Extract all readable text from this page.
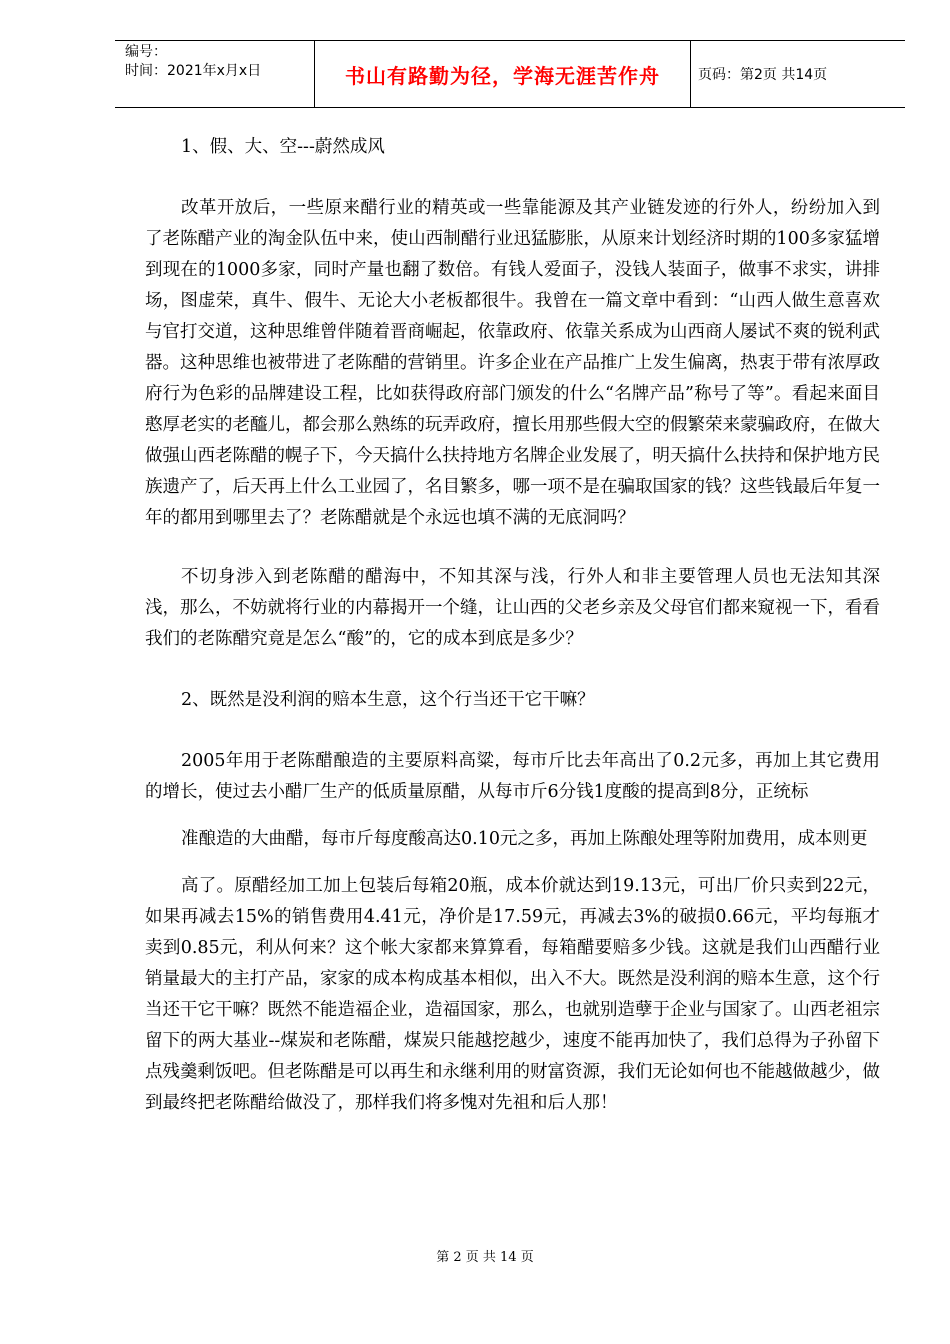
编号：
时间：2021年x月x日	书山有路勤为径，学海无涯苦作舟	页码：第2页 共14页

1、假、大、空---蔚然成风

改革开放后，一些原来醋行业的精英或一些靠能源及其产业链发迹的行外人，纷纷加入到了老陈醋产业的淘金队伍中来，使山西制醋行业迅猛膨胀，从原来计划经济时期的100多家猛增到现在的1000多家，同时产量也翻了数倍。有钱人爱面子，没钱人装面子，做事不求实，讲排场，图虚荣，真牛、假牛、无论大小老板都很牛。我曾在一篇文章中看到：“山西人做生意喜欢与官打交道，这种思维曾伴随着晋商崛起，依靠政府、依靠关系成为山西商人屡试不爽的锐利武器。这种思维也被带进了老陈醋的营销里。许多企业在产品推广上发生偏离，热衷于带有浓厚政府行为色彩的品牌建设工程，比如获得政府部门颁发的什么“名牌产品”称号了等”。看起来面目憨厚老实的老醯儿，都会那么熟练的玩弄政府，擅长用那些假大空的假繁荣来蒙骗政府，在做大做强山西老陈醋的幌子下，今天搞什么扶持地方名牌企业发展了，明天搞什么扶持和保护地方民族遗产了，后天再上什么工业园了，名目繁多，哪一项不是在骗取国家的钱？这些钱最后年复一年的都用到哪里去了？老陈醋就是个永远也填不满的无底洞吗？

不切身涉入到老陈醋的醋海中，不知其深与浅，行外人和非主要管理人员也无法知其深浅，那么，不妨就将行业的内幕揭开一个缝，让山西的父老乡亲及父母官们都来窥视一下，看看我们的老陈醋究竟是怎么“酸”的，它的成本到底是多少？

2、既然是没利润的赔本生意，这个行当还干它干嘛？

2005年用于老陈醋酿造的主要原料高粱，每市斤比去年高出了0.2元多，再加上其它费用的增长，使过去小醋厂生产的低质量原醋，从每市斤6分钱1度酸的提高到8分，正统标

准酿造的大曲醋，每市斤每度酸高达0.10元之多，再加上陈酿处理等附加费用，成本则更

高了。原醋经加工加上包装后每箱20瓶，成本价就达到19.13元，可出厂价只卖到22元，如果再减去15%的销售费用4.41元，净价是17.59元，再减去3%的破损0.66元，平均每瓶才卖到0.85元，利从何来？这个帐大家都来算算看，每箱醋要赔多少钱。这就是我们山西醋行业销量最大的主打产品，家家的成本构成基本相似，出入不大。既然是没利润的赔本生意，这个行当还干它干嘛？既然不能造福企业，造福国家，那么，也就别造孽于企业与国家了。山西老祖宗留下的两大基业--煤炭和老陈醋，煤炭只能越挖越少，速度不能再加快了，我们总得为子孙留下点残羹剩饭吧。但老陈醋是可以再生和永继利用的财富资源，我们无论如何也不能越做越少，做到最终把老陈醋给做没了，那样我们将多愧对先祖和后人那！

第 2 页 共 14 页
